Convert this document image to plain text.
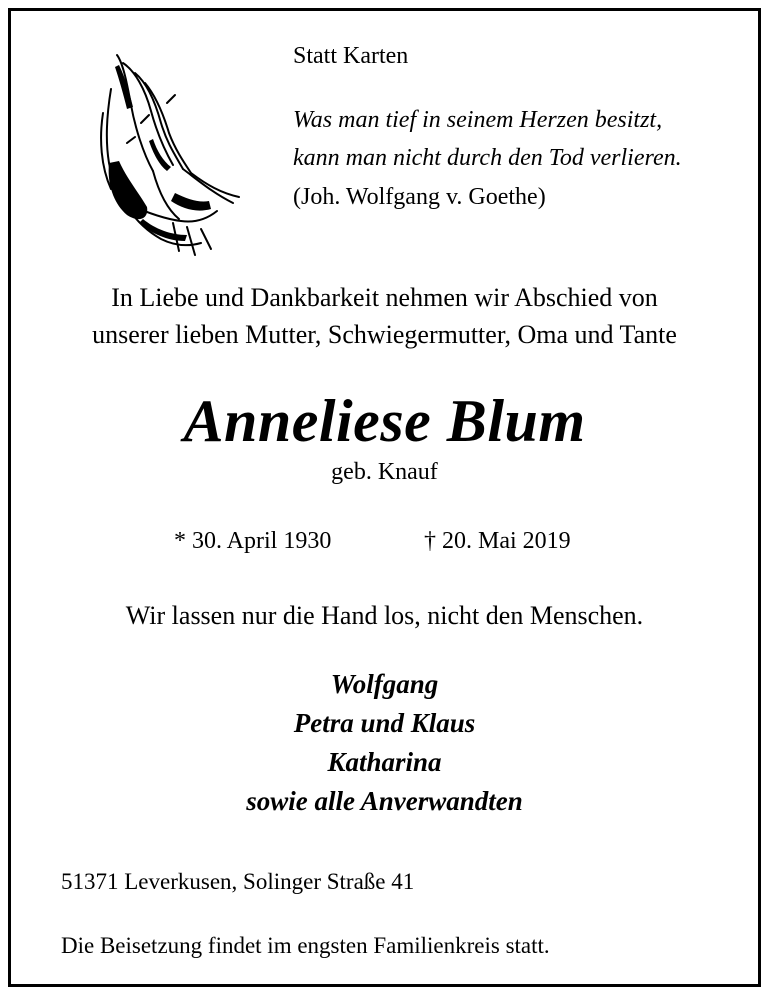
Statt Karten
Was man tief in seinem Herzen besitzt,
kann man nicht durch den Tod verlieren.
(Joh. Wolfgang v. Goethe)
In Liebe und Dankbarkeit nehmen wir Abschied von
unserer lieben Mutter, Schwiegermutter, Oma und Tante
Anneliese Blum
geb. Knauf
* 30. April 1930	† 20. Mai 2019
Wir lassen nur die Hand los, nicht den Menschen.
Wolfgang
Petra und Klaus
Katharina
sowie alle Anverwandten
51371 Leverkusen, Solinger Straße 41
Die Beisetzung findet im engsten Familienkreis statt.
